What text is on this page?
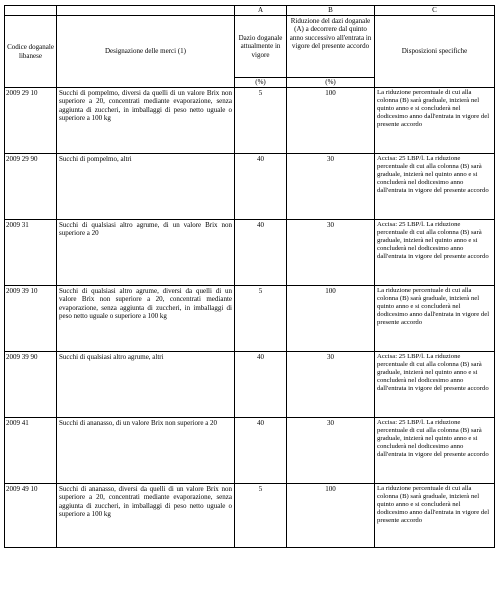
		A	B	C
Codice doganale libanese	Designazione delle merci (1)	Dazio doganale attualmente in vigore	Riduzione del dazi doganale (A) a decorrere dal quinto anno successivo all'entrata in vigore del presente accordo	Disposizioni specifiche
		(%)	(%)	
2009 29 10	Succhi di pompelmo, diversi da quelli di un valore Brix non superiore a 20, concentrati mediante evaporazione, senza aggiunta di zuccheri, in imballaggi di peso netto uguale o superiore a 100 kg	5	100	La riduzione percentuale di cui alla colonna (B) sarà graduale, inizierà nel quinto anno e si concluderà nel dodicesimo anno dall'entrata in vigore del presente accordo
2009 29 90	Succhi di pompelmo, altri	40	30	Accisa: 25 LBP/l. La riduzione percentuale di cui alla colonna (B) sarà graduale, inizierà nel quinto anno e si concluderà nel dodicesimo anno dall'entrata in vigore del presente accordo
2009 31	Succhi di qualsiasi altro agrume, di un valore Brix non superiore a 20	40	30	Accisa: 25 LBP/l. La riduzione percentuale di cui alla colonna (B) sarà graduale, inizierà nel quinto anno e si concluderà nel dodicesimo anno dall'entrata in vigore del presente accordo
2009 39 10	Succhi di qualsiasi altro agrume, diversi da quelli di un valore Brix non superiore a 20, concentrati mediante evaporazione, senza aggiunta di zuccheri, in imballaggi di peso netto uguale o superiore a 100 kg	5	100	La riduzione percentuale di cui alla colonna (B) sarà graduale, inizierà nel quinto anno e si concluderà nel dodicesimo anno dall'entrata in vigore del presente accordo
2009 39 90	Succhi di qualsiasi altro agrume, altri	40	30	Accisa: 25 LBP/l. La riduzione percentuale di cui alla colonna (B) sarà graduale, inizierà nel quinto anno e si concluderà nel dodicesimo anno dall'entrata in vigore del presente accordo
2009 41	Succhi di ananasso, di un valore Brix non superiore a 20	40	30	Accisa: 25 LBP/l. La riduzione percentuale di cui alla colonna (B) sarà graduale, inizierà nel quinto anno e si concluderà nel dodicesimo anno dall'entrata in vigore del presente accordo
2009 49 10	Succhi di ananasso, diversi da quelli di un valore Brix non superiore a 20, concentrati mediante evaporazione, senza aggiunta di zuccheri, in imballaggi di peso netto uguale o superiore a 100 kg	5	100	La riduzione percentuale di cui alla colonna (B) sarà graduale, inizierà nel quinto anno e si concluderà nel dodicesimo anno dall'entrata in vigore del presente accordo
